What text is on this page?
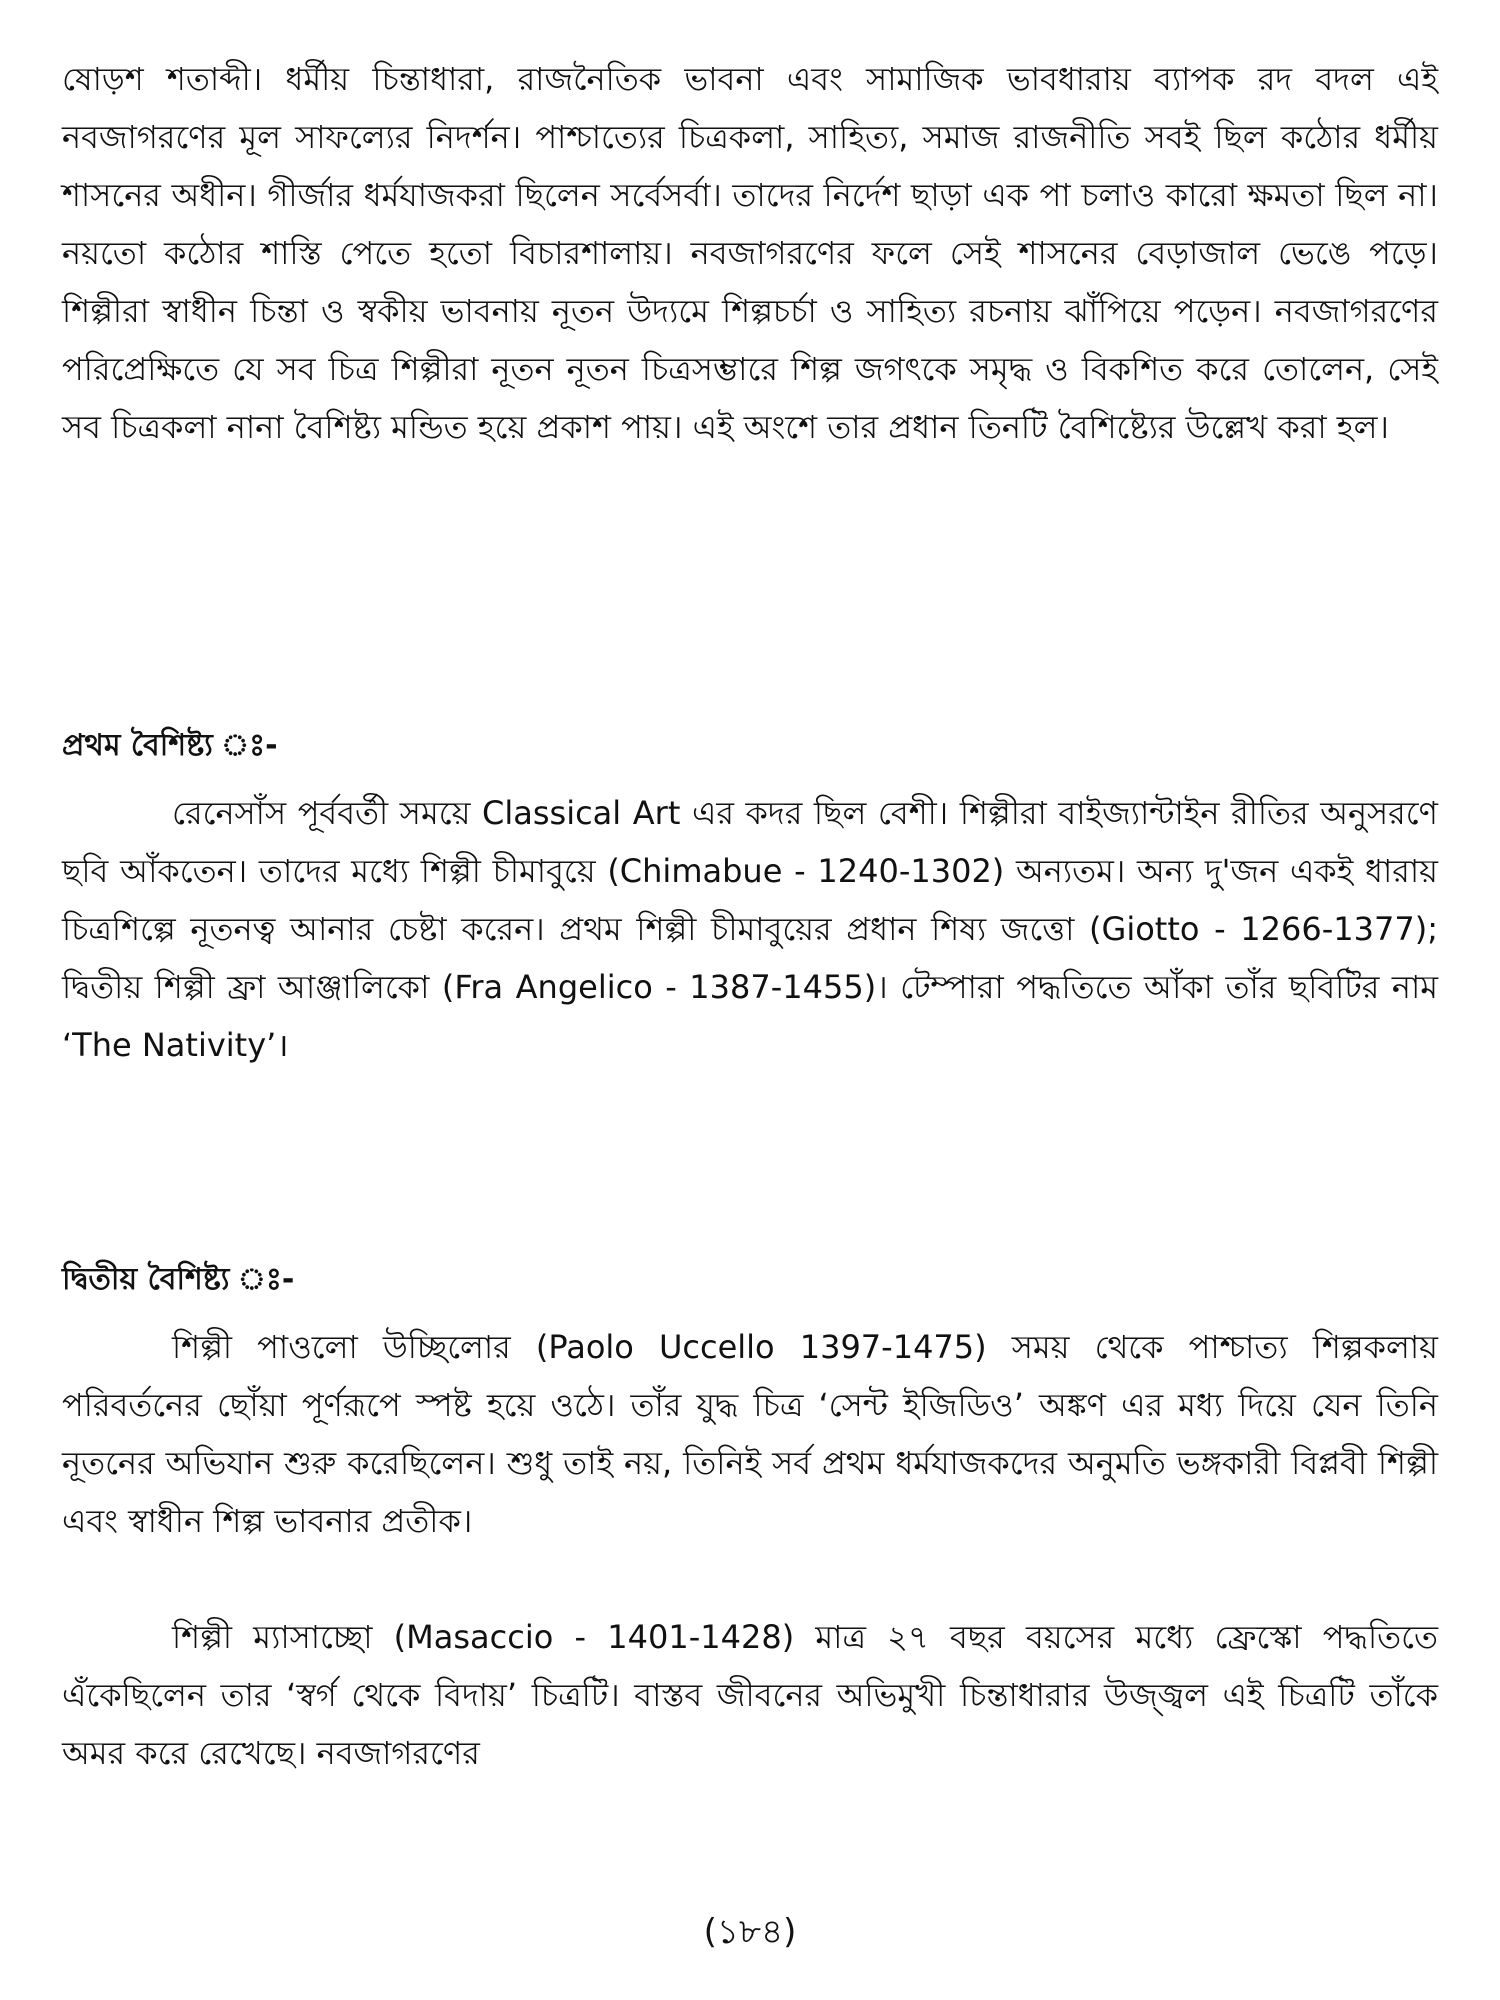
ষোড়শ শতাব্দী। ধর্মীয় চিন্তাধারা, রাজনৈতিক ভাবনা এবং সামাজিক ভাবধারায় ব্যাপক রদ বদল এই নবজাগরণের মূল সাফল্যের নিদর্শন। পাশ্চাত্যের চিত্রকলা, সাহিত্য, সমাজ রাজনীতি সবই ছিল কঠোর ধর্মীয় শাসনের অধীন। গীর্জার ধর্মযাজকরা ছিলেন সর্বেসর্বা। তাদের নির্দেশ ছাড়া এক পা চলাও কারো ক্ষমতা ছিল না। নয়তো কঠোর শাস্তি পেতে হতো বিচারশালায়। নবজাগরণের ফলে সেই শাসনের বেড়াজাল ভেঙে পড়ে। শিল্পীরা স্বাধীন চিন্তা ও স্বকীয় ভাবনায় নূতন উদ্যমে শিল্পচর্চা ও সাহিত্য রচনায় ঝাঁপিয়ে পড়েন। নবজাগরণের পরিপ্রেক্ষিতে যে সব চিত্র শিল্পীরা নূতন নূতন চিত্রসম্ভারে শিল্প জগৎকে সমৃদ্ধ ও বিকশিত করে তোলেন, সেই সব চিত্রকলা নানা বৈশিষ্ট্য মন্ডিত হয়ে প্রকাশ পায়। এই অংশে তার প্রধান তিনটি বৈশিষ্ট্যের উল্লেখ করা হল।

প্রথম বৈশিষ্ট্য ঃ-

রেনেসাঁস পূর্ববর্তী সময়ে Classical Art এর কদর ছিল বেশী। শিল্পীরা বাইজ্যান্টাইন রীতির অনুসরণে ছবি আঁকতেন। তাদের মধ্যে শিল্পী চীমাবুয়ে (Chimabue - 1240-1302) অন্যতম। অন্য দু'জন একই ধারায় চিত্রশিল্পে নূতনত্ব আনার চেষ্টা করেন। প্রথম শিল্পী চীমাবুয়ের প্রধান শিষ্য জত্তো (Giotto - 1266-1377); দ্বিতীয় শিল্পী ফ্রা আঞ্জালিকো (Fra Angelico - 1387-1455)। টেম্পারা পদ্ধতিতে আঁকা তাঁর ছবিটির নাম ‘The Nativity’।

দ্বিতীয় বৈশিষ্ট্য ঃ-

শিল্পী পাওলো উচ্ছিলোর (Paolo Uccello 1397-1475) সময় থেকে পাশ্চাত্য শিল্পকলায় পরিবর্তনের ছোঁয়া পূর্ণরূপে স্পষ্ট হয়ে ওঠে। তাঁর যুদ্ধ চিত্র ‘সেন্ট ইজিডিও’ অঙ্কণ এর মধ্য দিয়ে যেন তিনি নূতনের অভিযান শুরু করেছিলেন। শুধু তাই নয়, তিনিই সর্ব প্রথম ধর্মযাজকদের অনুমতি ভঙ্গকারী বিপ্লবী শিল্পী এবং স্বাধীন শিল্প ভাবনার প্রতীক।

শিল্পী ম্যাসাচ্ছো (Masaccio - 1401-1428) মাত্র ২৭ বছর বয়সের মধ্যে ফ্রেস্কো পদ্ধতিতে এঁকেছিলেন তার ‘স্বর্গ থেকে বিদায়’ চিত্রটি। বাস্তব জীবনের অভিমুখী চিন্তাধারার উজ্জ্বল এই চিত্রটি তাঁকে অমর করে রেখেছে। নবজাগরণের

(১৮৪)
